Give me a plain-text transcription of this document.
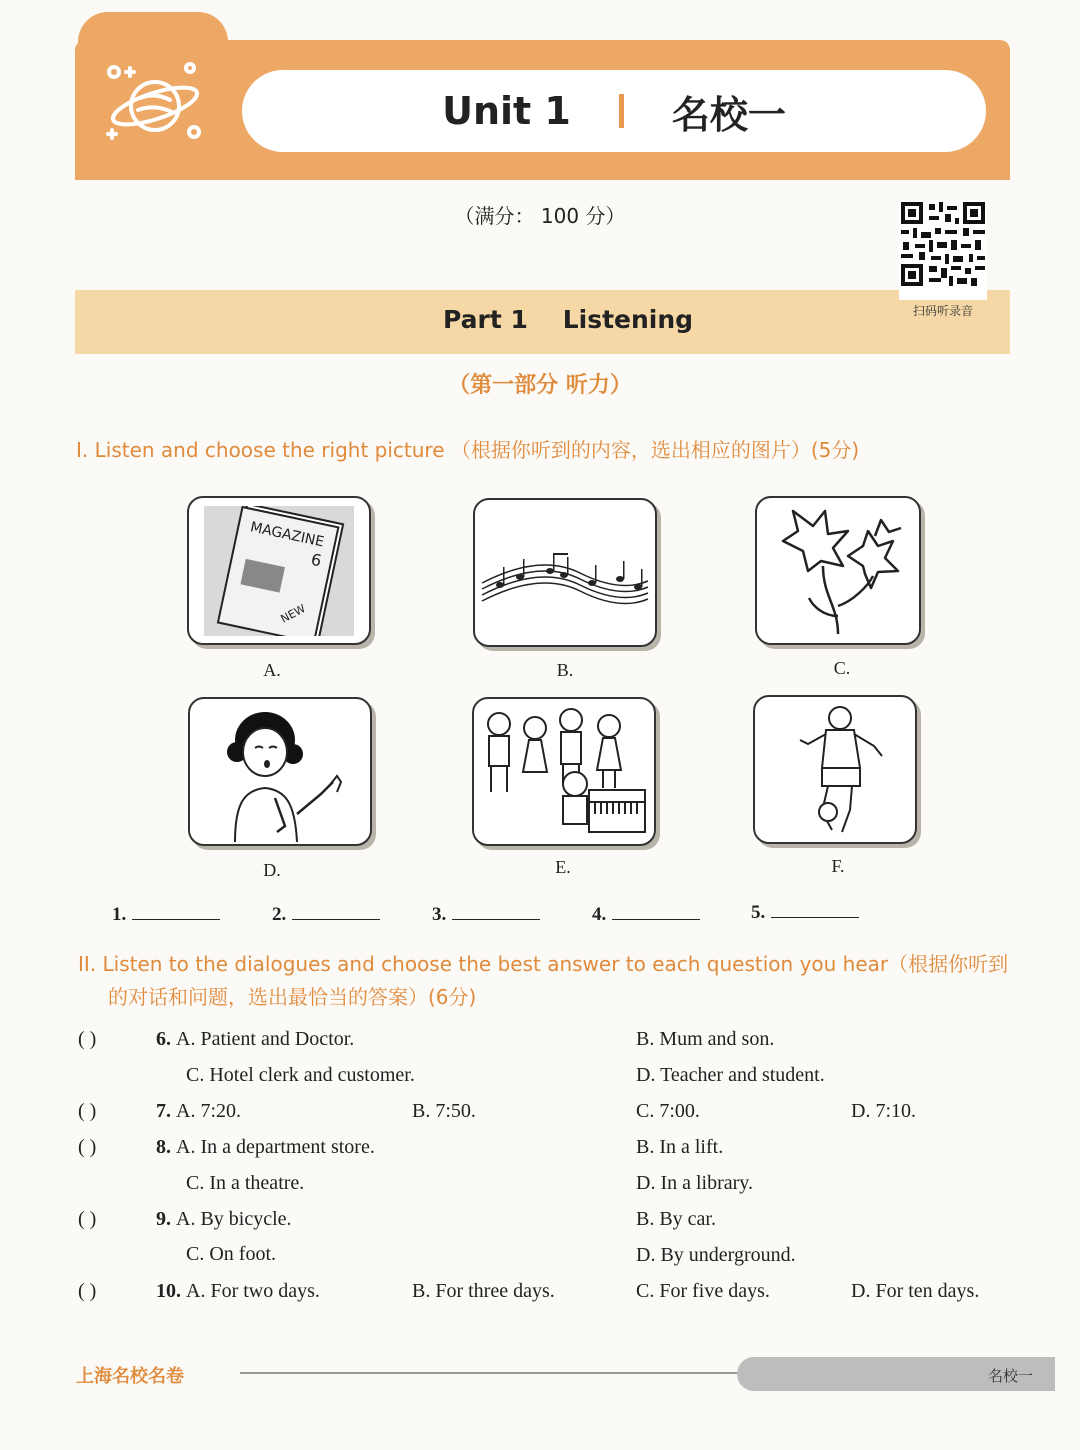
Unit 1	名校一
（满分： 100 分）
Part 1    Listening	扫码听录音
（第一部分 听力）
I. Listen and choose the right picture （根据你听到的内容，选出相应的图片）(5分)
MAGAZINE
6
NEW
A.	B.	C.
D.	E.	F.
1.	2.	3.	4.	5.
II. Listen to the dialogues and choose the best answer to each question you hear（根据你听到
的对话和问题，选出最恰当的答案）(6分)
( )	6. A. Patient and Doctor.	B. Mum and son.
C. Hotel clerk and customer.	D. Teacher and student.
( )	7. A. 7:20.	B. 7:50.	C. 7:00.	D. 7:10.
( )	8. A. In a department store.	B. In a lift.
C. In a theatre.	D. In a library.
( )	9. A. By bicycle.	B. By car.
C. On foot.	D. By underground.
( )	10. A. For two days.	B. For three days.	C. For five days.	D. For ten days.
上海名校名卷	名校一
